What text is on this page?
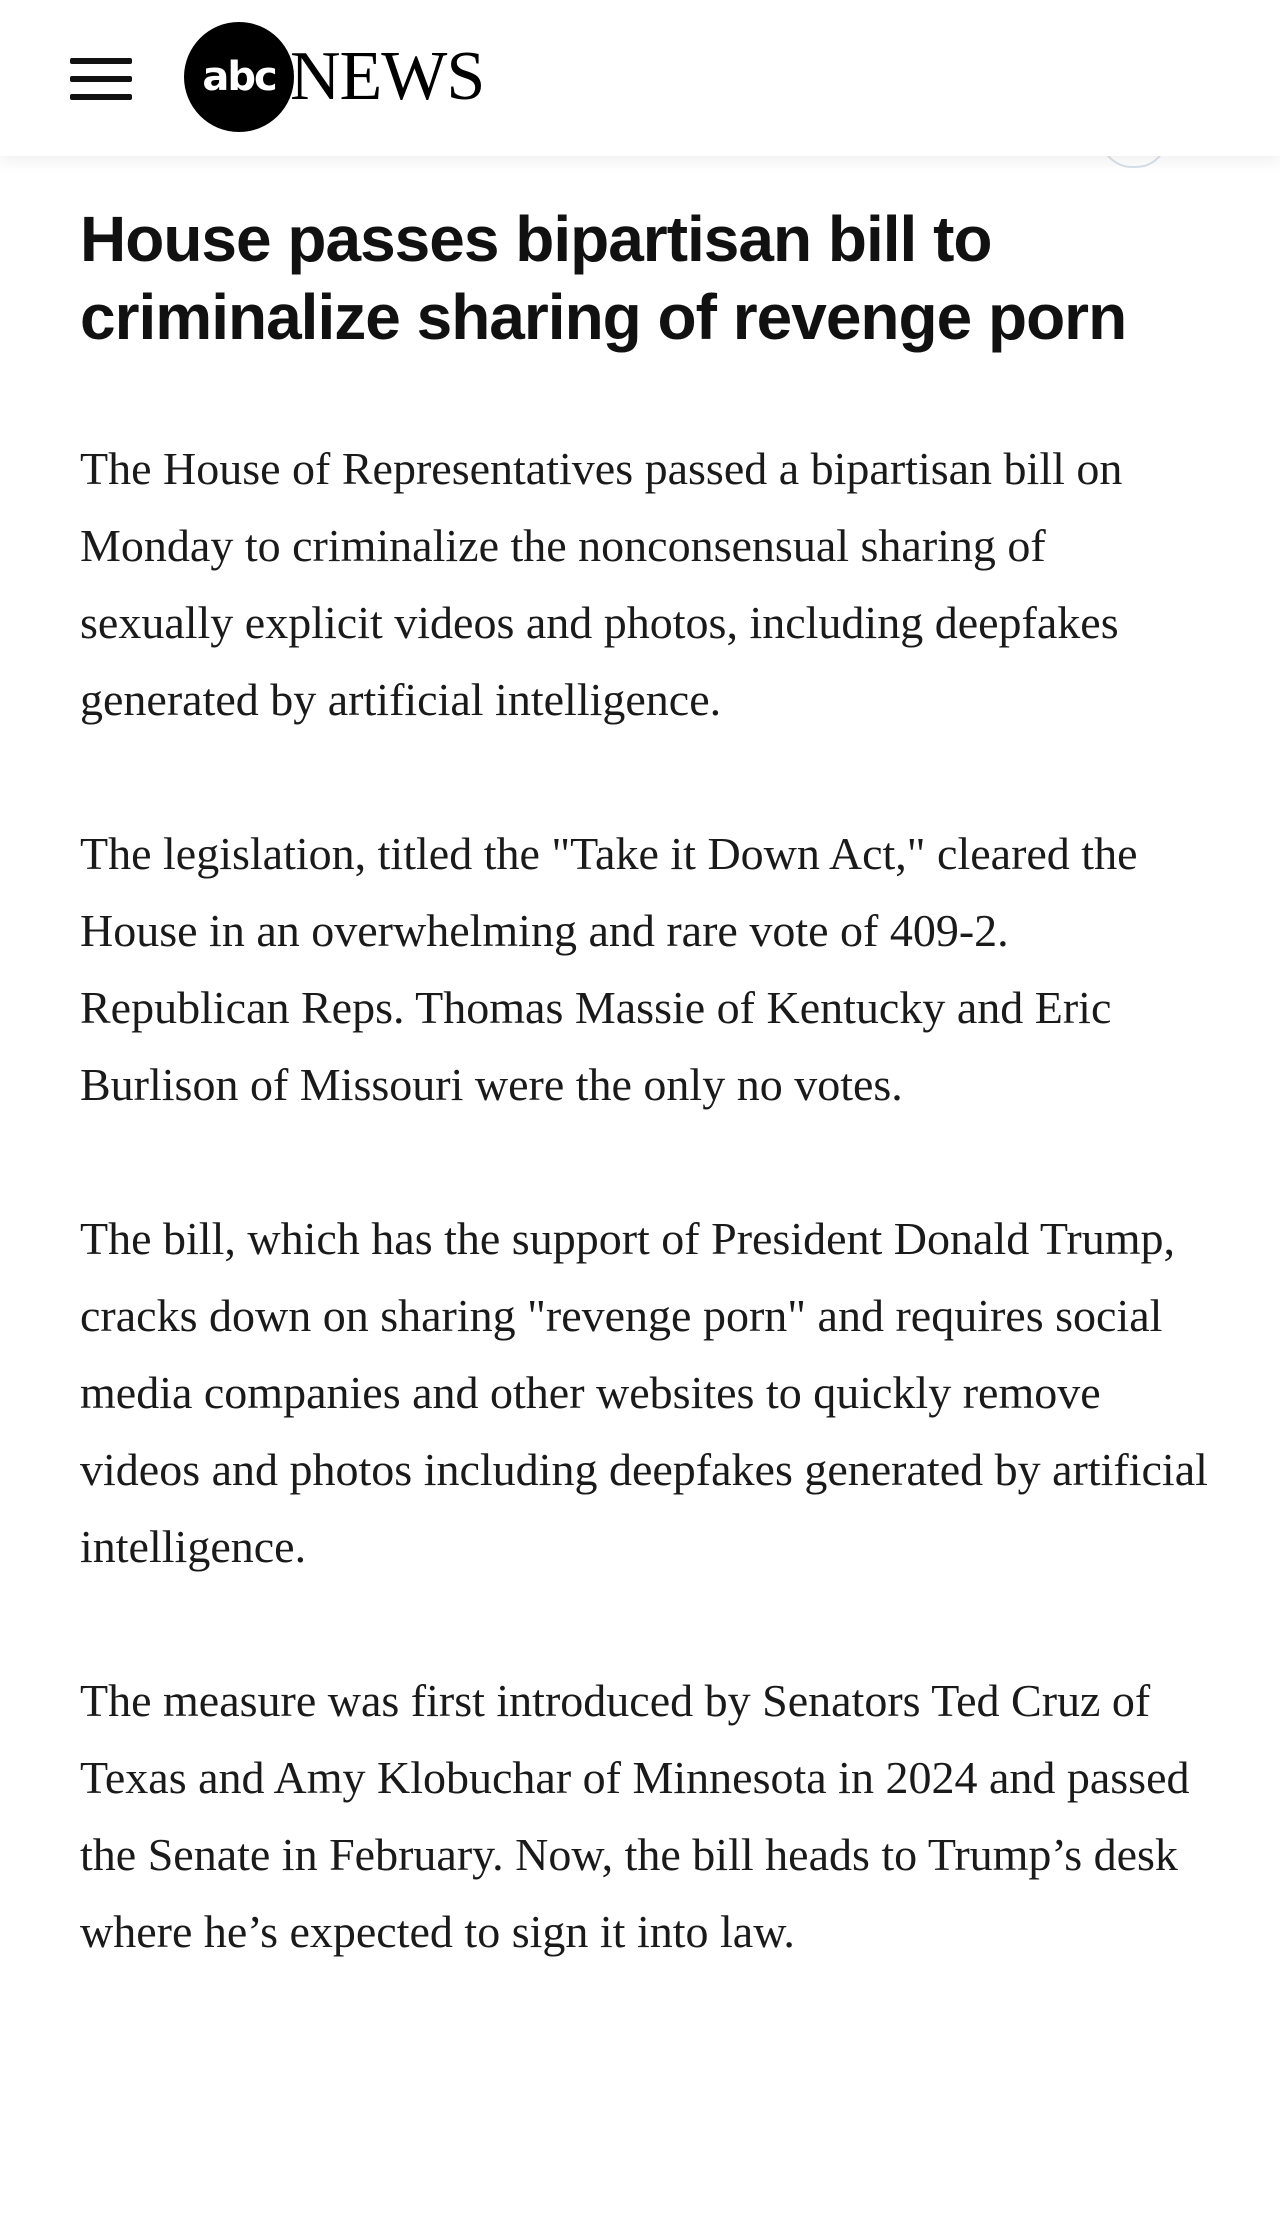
abc NEWS
House passes bipartisan bill to criminalize sharing of revenge porn

The House of Representatives passed a bipartisan bill on Monday to criminalize the nonconsensual sharing of sexually explicit videos and photos, including deepfakes generated by artificial intelligence.

The legislation, titled the "Take it Down Act," cleared the House in an overwhelming and rare vote of 409-2. Republican Reps. Thomas Massie of Kentucky and Eric Burlison of Missouri were the only no votes.

The bill, which has the support of President Donald Trump, cracks down on sharing "revenge porn" and requires social media companies and other websites to quickly remove videos and photos including deepfakes generated by artificial intelligence.

The measure was first introduced by Senators Ted Cruz of Texas and Amy Klobuchar of Minnesota in 2024 and passed the Senate in February. Now, the bill heads to Trump’s desk where he’s expected to sign it into law.
